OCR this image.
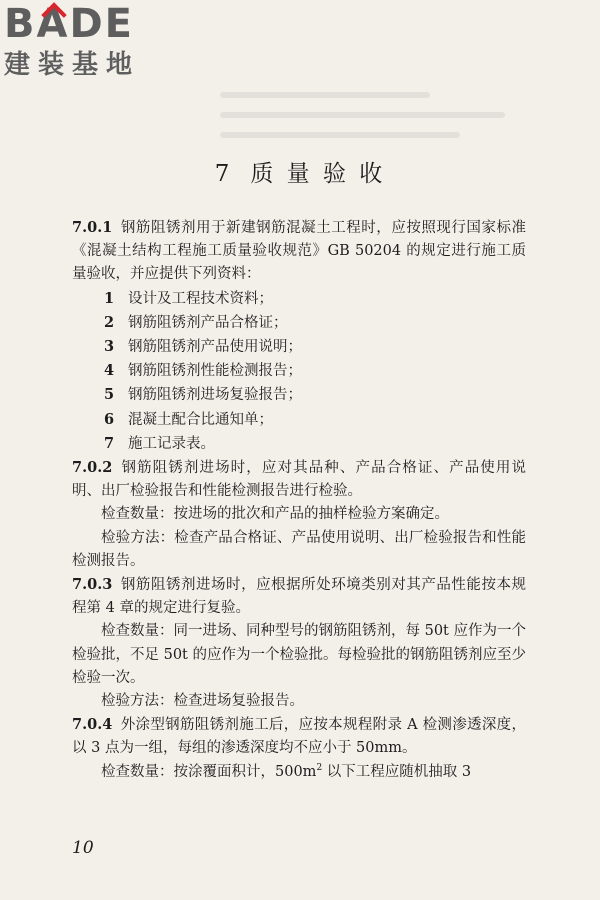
BA
DE
建装基地
7 质 量 验 收

7.0.1 钢筋阻锈剂用于新建钢筋混凝土工程时，应按照现行国家标准《混凝土结构工程施工质量验收规范》GB 50204 的规定进行施工质量验收，并应提供下列资料：

1 设计及工程技术资料；

2 钢筋阻锈剂产品合格证；

3 钢筋阻锈剂产品使用说明；

4 钢筋阻锈剂性能检测报告；

5 钢筋阻锈剂进场复验报告；

6 混凝土配合比通知单；

7 施工记录表。

7.0.2 钢筋阻锈剂进场时，应对其品种、产品合格证、产品使用说明、出厂检验报告和性能检测报告进行检验。

检查数量：按进场的批次和产品的抽样检验方案确定。

检验方法：检查产品合格证、产品使用说明、出厂检验报告和性能检测报告。

7.0.3 钢筋阻锈剂进场时，应根据所处环境类别对其产品性能按本规程第 4 章的规定进行复验。

检查数量：同一进场、同种型号的钢筋阻锈剂，每 50t 应作为一个检验批，不足 50t 的应作为一个检验批。每检验批的钢筋阻锈剂应至少检验一次。

检验方法：检查进场复验报告。

7.0.4 外涂型钢筋阻锈剂施工后，应按本规程附录 A 检测渗透深度，以 3 点为一组，每组的渗透深度均不应小于 50mm。

检查数量：按涂覆面积计，$500m^2$ 以下工程应随机抽取 3

10
